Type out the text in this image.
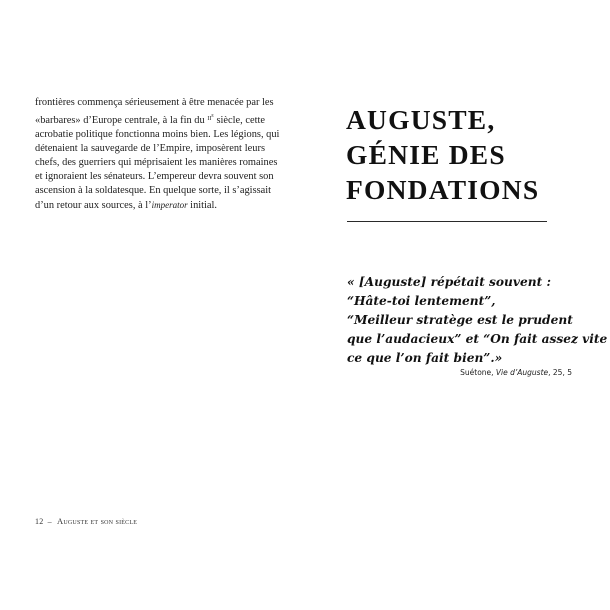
frontières commença sérieusement à être menacée par les
«barbares» d’Europe centrale, à la fin du $^{II^e}$ siècle, cette
acrobatie politique fonctionna moins bien. Les légions, qui
détenaient la sauvegarde de l’Empire, imposèrent leurs
chefs, des guerriers qui méprisaient les manières romaines
et ignoraient les sénateurs. L’empereur devra souvent son
ascension à la soldatesque. En quelque sorte, il s’agissait
d’un retour aux sources, à l’imperator initial.
12 – Auguste et son siècle
AUGUSTE,
GÉNIE DES
FONDATIONS
« [Auguste] répétait souvent :
“Hâte-toi lentement”,
“Meilleur stratège est le prudent
que l’audacieux” et “On fait assez vite
ce que l’on fait bien”.»
Suétone, Vie d’Auguste, 25, 5
